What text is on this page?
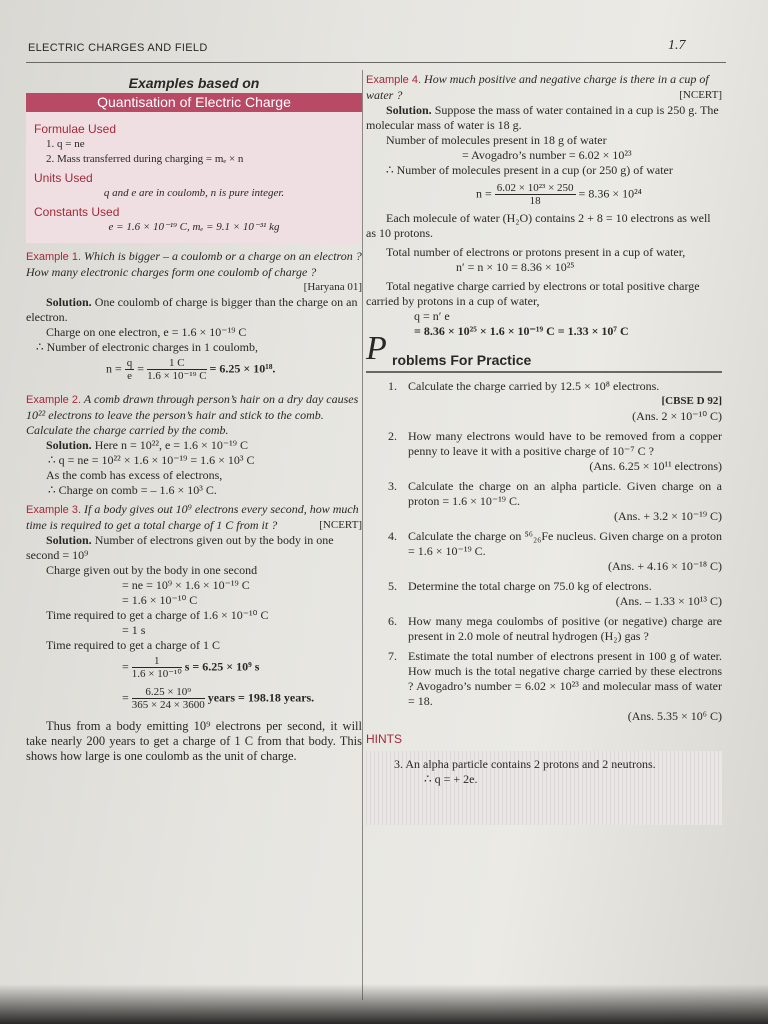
ELECTRIC CHARGES AND FIELD	1.7
Examples based on
Quantisation of Electric Charge
Formulae Used

1. q = ne

2. Mass transferred during charging = mₑ × n

Units Used

q and e are in coulomb, n is pure integer.

Constants Used

e = 1.6 × 10⁻¹⁹ C, mₑ = 9.1 × 10⁻³¹ kg

Example 1. Which is bigger – a coulomb or a charge on an electron ? How many electronic charges form one coulomb of charge ?
[Haryana 01]

Solution. One coulomb of charge is bigger than the charge on an electron.

Charge on one electron, e = 1.6 × 10⁻¹⁹ C

∴ Number of electronic charges in 1 coulomb,

$n = \frac{q}{e} = \frac{1 C}{\text{1.6 × 10⁻¹⁹ C}} = 6.25 \times 10^{18}$.

Example 2. A comb drawn through person’s hair on a dry day causes 10²² electrons to leave the person’s hair and stick to the comb. Calculate the charge carried by the comb.

Solution. Here n = 10²², e = 1.6 × 10⁻¹⁹ C

∴ q = ne = 10²² × 1.6 × 10⁻¹⁹ = 1.6 × 10³ C

As the comb has excess of electrons,

∴ Charge on comb = – 1.6 × 10³ C.

Example 3. If a body gives out 10⁹ electrons every second, how much time is required to get a total charge of 1 C from it ?	[NCERT]

Solution. Number of electrons given out by the body in one second = 10⁹

Charge given out by the body in one second

= ne = 10⁹ × 1.6 × 10⁻¹⁹ C

= 1.6 × 10⁻¹⁰ C

Time required to get a charge of 1.6 × 10⁻¹⁰ C

= 1 s

Time required to get a charge of 1 C

= $\frac{1}{\text{1.6 × 10⁻¹⁰}}$ s = 6.25 × 10⁹ s

= $\frac{\text{6.25 × 10⁹}}{365 \times 24 \times 3600}$ years = 198.18 years.

Thus from a body emitting 10⁹ electrons per second, it will take nearly 200 years to get a charge of 1 C from that body. This shows how large is one coulomb as the unit of charge.

Example 4. How much positive and negative charge is there in a cup of water ?	[NCERT]

Solution. Suppose the mass of water contained in a cup is 250 g. The molecular mass of water is 18 g.

Number of molecules present in 18 g of water

= Avogadro’s number = 6.02 × 10²³

∴ Number of molecules present in a cup (or 250 g) of water

$n = \frac{\text{6.02 × 10²³ × 250}}{18} = 8.36 \times 10^{24}$

Each molecule of water (H₂O) contains 2 + 8 = 10 electrons as well as 10 protons.

Total number of electrons or protons present in a cup of water,

n′ = n × 10 = 8.36 × 10²⁵

Total negative charge carried by electrons or total positive charge carried by protons in a cup of water,

q = n′ e

= 8.36 × 10²⁵ × 1.6 × 10⁻¹⁹ C = 1.33 × 10⁷ C

P roblems For Practice
1. Calculate the charge carried by 12.5 × 10⁸ electrons.
[CBSE D 92]
(Ans. 2 × 10⁻¹⁰ C)
2. How many electrons would have to be removed from a copper penny to leave it with a positive charge of 10⁻⁷ C ?
(Ans. 6.25 × 10¹¹ electrons)
3. Calculate the charge on an alpha particle. Given charge on a proton = 1.6 × 10⁻¹⁹ C.
(Ans. + 3.2 × 10⁻¹⁹ C)
4. Calculate the charge on ⁵⁶₂₆Fe nucleus. Given charge on a proton = 1.6 × 10⁻¹⁹ C.
(Ans. + 4.16 × 10⁻¹⁸ C)
5. Determine the total charge on 75.0 kg of electrons.
(Ans. – 1.33 × 10¹³ C)
6. How many mega coulombs of positive (or negative) charge are present in 2.0 mole of neutral hydrogen (H₂) gas ?
7. Estimate the total number of electrons present in 100 g of water. How much is the total negative charge carried by these electrons ? Avogadro’s number = 6.02 × 10²³ and molecular mass of water = 18.
(Ans. 5.35 × 10⁶ C)
HINTS

3. An alpha particle contains 2 protons and 2 neutrons.

∴ q = + 2e.
